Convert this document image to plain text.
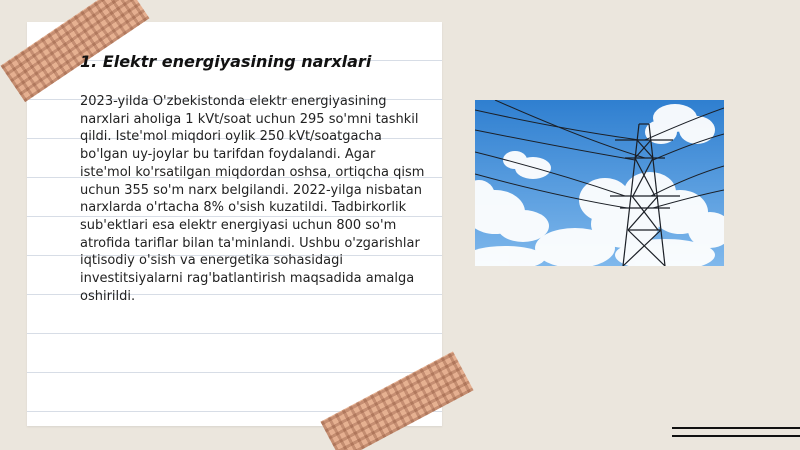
1. Elektr energiyasining narxlari

2023-yilda O'zbekistonda elektr energiyasining narxlari aholiga 1 kVt/soat uchun 295 so'mni tashkil qildi. Iste'mol miqdori oylik 250 kVt/soatgacha bo'lgan uy-joylar bu tarifdan foydalandi. Agar iste'mol ko'rsatilgan miqdordan oshsa, ortiqcha qism uchun 355 so'm narx belgilandi. 2022-yilga nisbatan narxlarda o'rtacha 8% o'sish kuzatildi. Tadbirkorlik sub'ektlari esa elektr energiyasi uchun 800 so'm atrofida tariflar bilan ta'minlandi. Ushbu o'zgarishlar iqtisodiy o'sish va energetika sohasidagi investitsiyalarni rag'batlantirish maqsadida amalga oshirildi.
